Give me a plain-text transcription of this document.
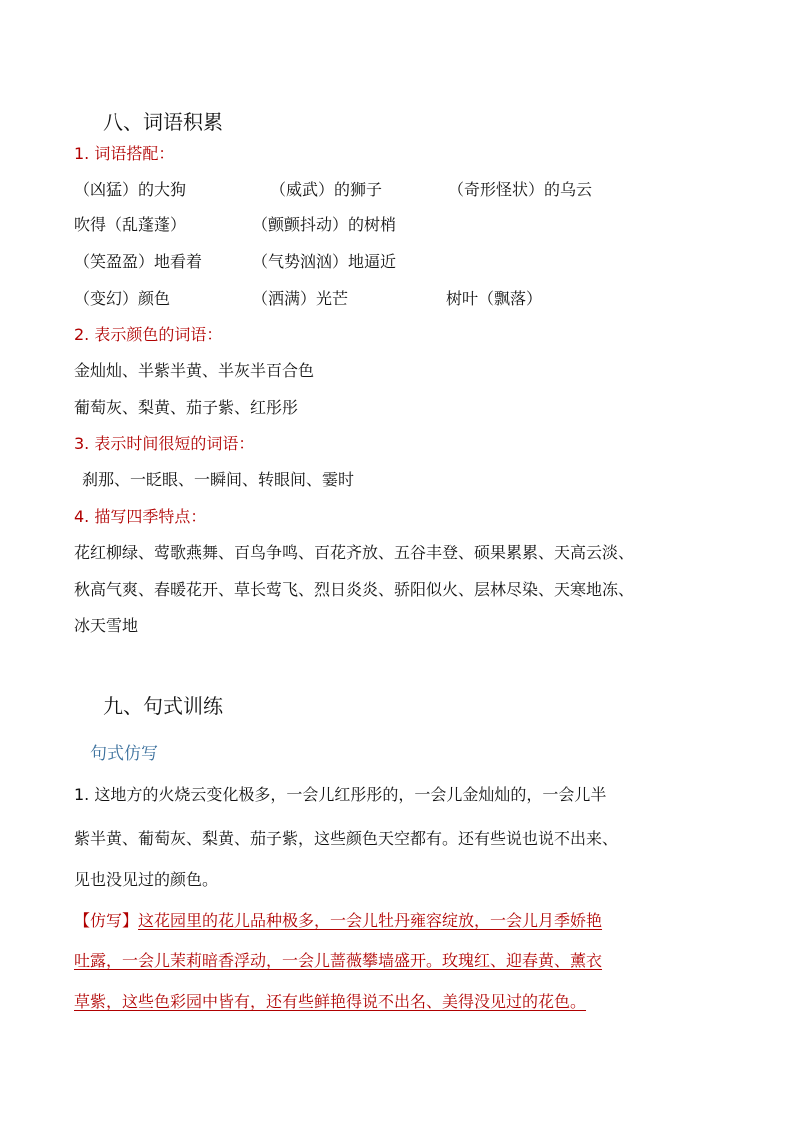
八、词语积累
1. 词语搭配：
（凶猛）的大狗	（威武）的狮子	（奇形怪状）的乌云
吹得（乱蓬蓬）	（颤颤抖动）的树梢
（笑盈盈）地看着	（气势汹汹）地逼近
（变幻）颜色	（洒满）光芒	树叶（飘落）
2. 表示颜色的词语：
金灿灿、半紫半黄、半灰半百合色
葡萄灰、梨黄、茄子紫、红彤彤
3. 表示时间很短的词语：
刹那、一眨眼、一瞬间、转眼间、霎时
4. 描写四季特点：
花红柳绿、莺歌燕舞、百鸟争鸣、百花齐放、五谷丰登、硕果累累、天高云淡、
秋高气爽、春暖花开、草长莺飞、烈日炎炎、骄阳似火、层林尽染、天寒地冻、
冰天雪地
九、句式训练
句式仿写
1. 这地方的火烧云变化极多，一会儿红彤彤的，一会儿金灿灿的，一会儿半
紫半黄、葡萄灰、梨黄、茄子紫，这些颜色天空都有。还有些说也说不出来、
见也没见过的颜色。
【仿写】这花园里的花儿品种极多，一会儿牡丹雍容绽放，一会儿月季娇艳
吐露，一会儿茉莉暗香浮动，一会儿蔷薇攀墙盛开。玫瑰红、迎春黄、薰衣
草紫，这些色彩园中皆有，还有些鲜艳得说不出名、美得没见过的花色。
